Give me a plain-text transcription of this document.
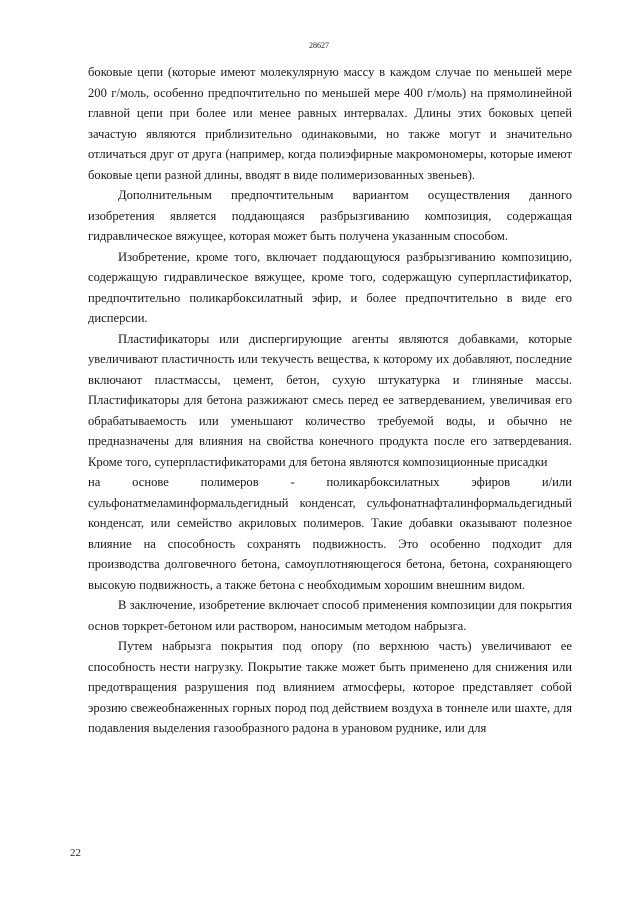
28627

боковые цепи (которые имеют молекулярную массу в каждом случае по меньшей мере 200 г/моль, особенно предпочтительно по меньшей мере 400 г/моль) на прямолинейной главной цепи при более или менее равных интервалах. Длины этих боковых цепей зачастую являются приблизительно одинаковыми, но также могут и значительно отличаться друг от друга (например, когда полиэфирные макромономеры, которые имеют боковые цепи разной длины, вводят в виде полимеризованных звеньев).

Дополнительным предпочтительным вариантом осуществления данного изобретения является поддающаяся разбрызгиванию композиция, содержащая гидравлическое вяжущее, которая может быть получена указанным способом.

Изобретение, кроме того, включает поддающуюся разбрызгиванию композицию, содержащую гидравлическое вяжущее, кроме того, содержащую суперпластификатор, предпочтительно поликарбоксилатный эфир, и более предпочтительно в виде его дисперсии.

Пластификаторы или диспергирующие агенты являются добавками, которые увеличивают пластичность или текучесть вещества, к которому их добавляют, последние включают пластмассы, цемент, бетон, сухую штукатурка и глиняные массы. Пластификаторы для бетона разжижают смесь перед ее затвердеванием, увеличивая его обрабатываемость или уменьшают количество требуемой воды, и обычно не предназначены для влияния на свойства конечного продукта после его затвердевания. Кроме того, суперпластификаторами для бетона являются композиционные присадки

на	основе	полимеров	-	поликарбоксилатных	эфиров	и/или

сульфонатмеламинформальдегидный конденсат, сульфонатнафталинформальдегидный конденсат, или семейство акриловых полимеров. Такие добавки оказывают полезное влияние на способность сохранять подвижность. Это особенно подходит для производства долговечного бетона, самоуплотняющегося бетона, бетона, сохраняющего высокую подвижность, а также бетона с необходимым хорошим внешним видом.

В заключение, изобретение включает способ применения композиции для покрытия основ торкрет-бетоном или раствором, наносимым методом набрызга.

Путем набрызга покрытия под опору (по верхнюю часть) увеличивают ее способность нести нагрузку. Покрытие также может быть применено для снижения или предотвращения разрушения под влиянием атмосферы, которое представляет собой эрозию свежеобнаженных горных пород под действием воздуха в тоннеле или шахте, для подавления выделения газообразного радона в урановом руднике, или для

22
